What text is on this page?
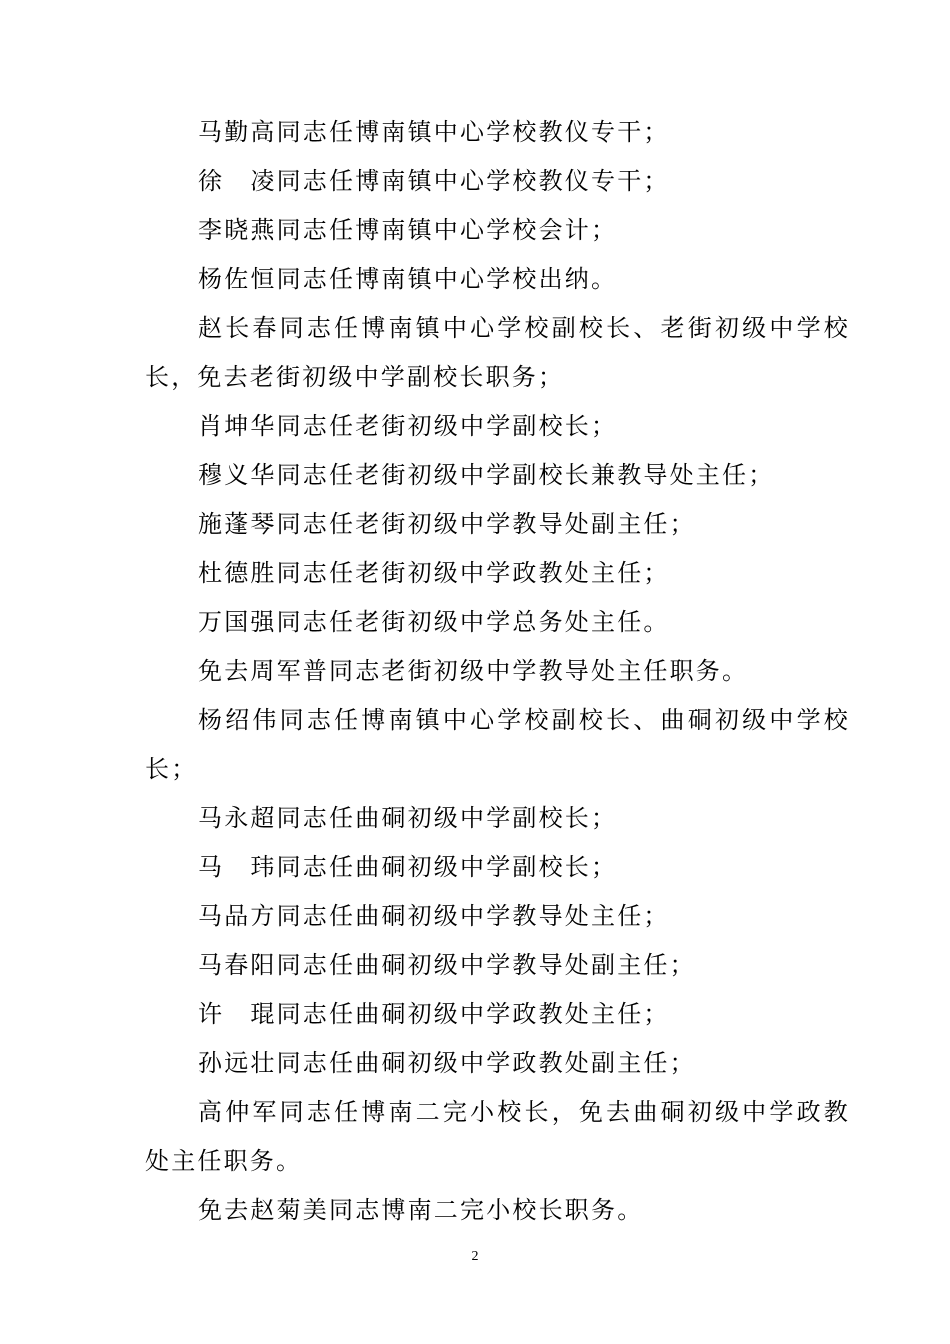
马勤高同志任博南镇中心学校教仪专干；

徐　凌同志任博南镇中心学校教仪专干；

李晓燕同志任博南镇中心学校会计；

杨佐恒同志任博南镇中心学校出纳。

赵长春同志任博南镇中心学校副校长、老街初级中学校长，免去老街初级中学副校长职务；

肖坤华同志任老街初级中学副校长；

穆义华同志任老街初级中学副校长兼教导处主任；

施蓬琴同志任老街初级中学教导处副主任；

杜德胜同志任老街初级中学政教处主任；

万国强同志任老街初级中学总务处主任。

免去周军普同志老街初级中学教导处主任职务。

杨绍伟同志任博南镇中心学校副校长、曲硐初级中学校长；

马永超同志任曲硐初级中学副校长；

马　玮同志任曲硐初级中学副校长；

马品方同志任曲硐初级中学教导处主任；

马春阳同志任曲硐初级中学教导处副主任；

许　琨同志任曲硐初级中学政教处主任；

孙远壮同志任曲硐初级中学政教处副主任；

高仲军同志任博南二完小校长，免去曲硐初级中学政教处主任职务。

免去赵菊美同志博南二完小校长职务。

2
